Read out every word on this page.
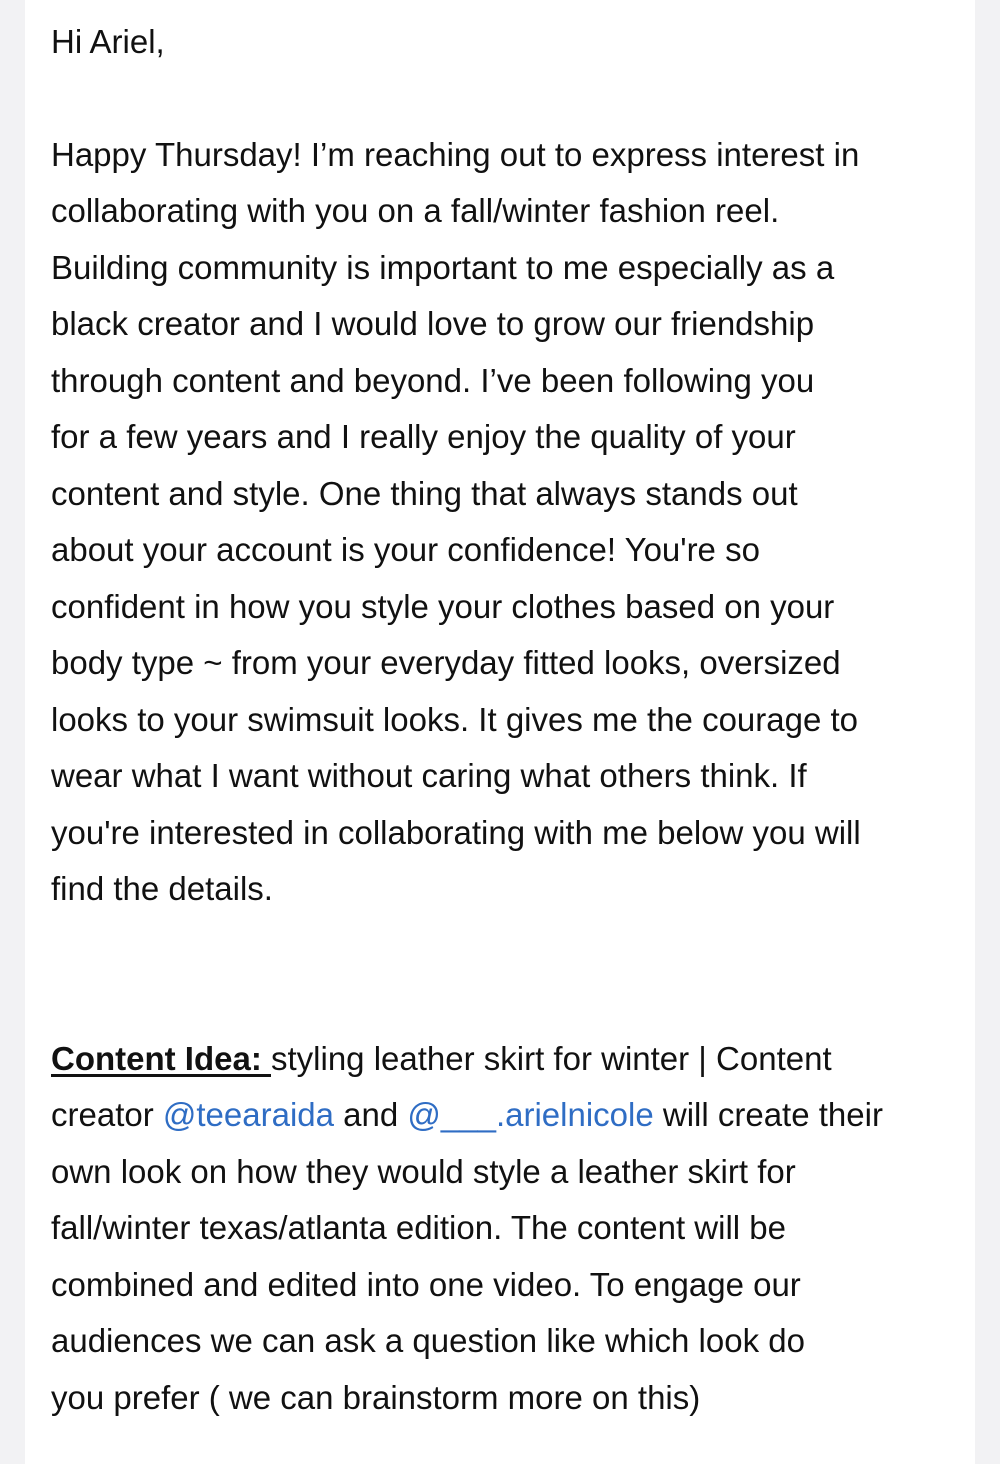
Hi Ariel,

Happy Thursday! I’m reaching out to express interest in
collaborating with you on a fall/winter fashion reel.
Building community is important to me especially as a
black creator and I would love to grow our friendship
through content and beyond. I’ve been following you
for a few years and I really enjoy the quality of your
content and style. One thing that always stands out
about your account is your confidence! You're so
confident in how you style your clothes based on your
body type ~ from your everyday fitted looks, oversized
looks to your swimsuit looks. It gives me the courage to
wear what I want without caring what others think. If
you're interested in collaborating with me below you will
find the details.

Content Idea: styling leather skirt for winter | Content
creator @teearaida and @___.arielnicole will create their
own look on how they would style a leather skirt for
fall/winter texas/atlanta edition. The content will be
combined and edited into one video. To engage our
audiences we can ask a question like which look do
you prefer ( we can brainstorm more on this)
